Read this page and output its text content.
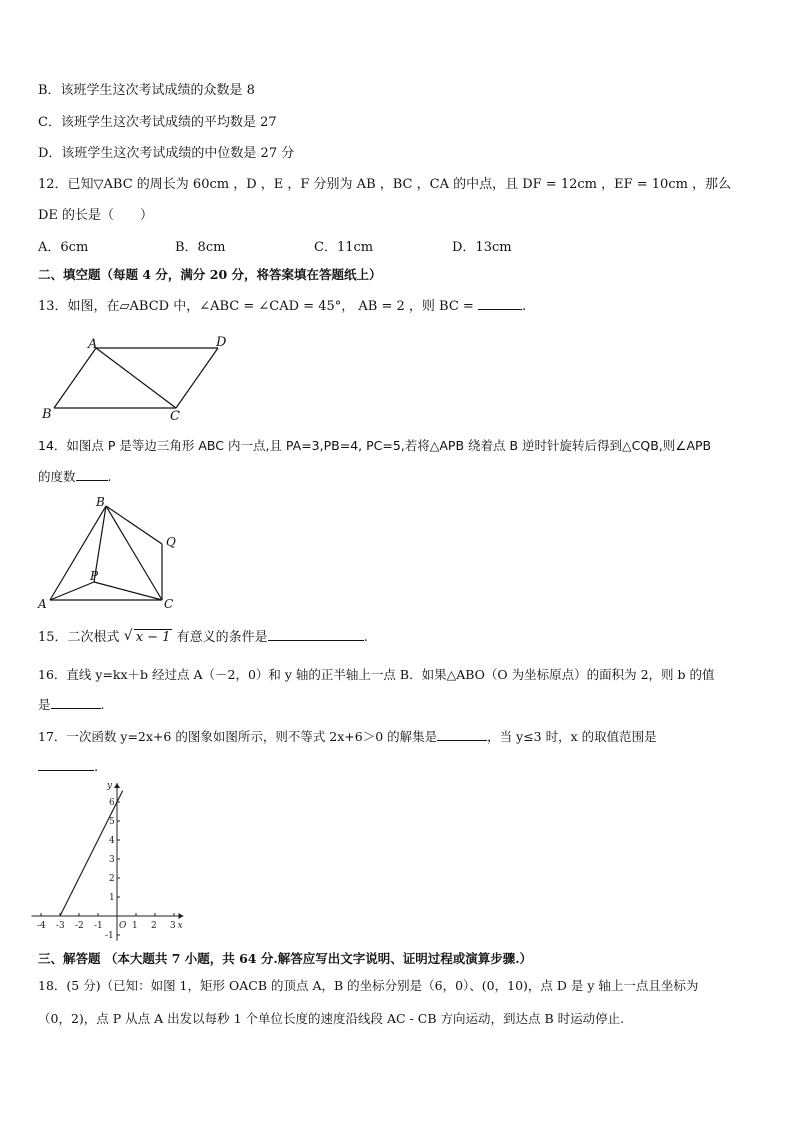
B．该班学生这次考试成绩的众数是 8
C．该班学生这次考试成绩的平均数是 27
D．该班学生这次考试成绩的中位数是 27 分
12．已知▽ABC 的周长为 60cm ，D ，E ，F 分别为 AB ，BC ，CA 的中点，且 DF = 12cm ，EF = 10cm ，那么
DE 的长是（　　）
A．6cm	B．8cm	C．11cm	D．13cm
二、填空题（每题 4 分，满分 20 分，将答案填在答题纸上）
13．如图，在▱ABCD 中，∠ABC = ∠CAD = 45°， AB = 2 ，则 BC =	.
A	D
B	C
14．如图点 P 是等边三角形 ABC 内一点,且 PA=3,PB=4, PC=5,若将△APB 绕着点 B 逆时针旋转后得到△CQB,则∠APB
的度数	.
B
Q
P
A	C
15．二次根式 √ x − 1 有意义的条件是	.
16．直线 y=kx＋b 经过点 A（－2，0）和 y 轴的正半轴上一点 B．如果△ABO（O 为坐标原点）的面积为 2，则 b 的值
是	.
17．一次函数 y=2x+6 的图象如图所示，则不等式 2x+6＞0 的解集是	，当 y≤3 时，x 的取值范围是
.
-4 -3 -2 -1 O 1 2 3 x
y
6
5
4
3
2
1
-1
三、解答题 （本大题共 7 小题，共 64 分.解答应写出文字说明、证明过程或演算步骤.）
18．(5 分)（已知：如图 1，矩形 OACB 的顶点 A，B 的坐标分别是（6，0）、(0，10)，点 D 是 y 轴上一点且坐标为
（0，2)，点 P 从点 A 出发以每秒 1 个单位长度的速度沿线段 AC - CB 方向运动，到达点 B 时运动停止.
